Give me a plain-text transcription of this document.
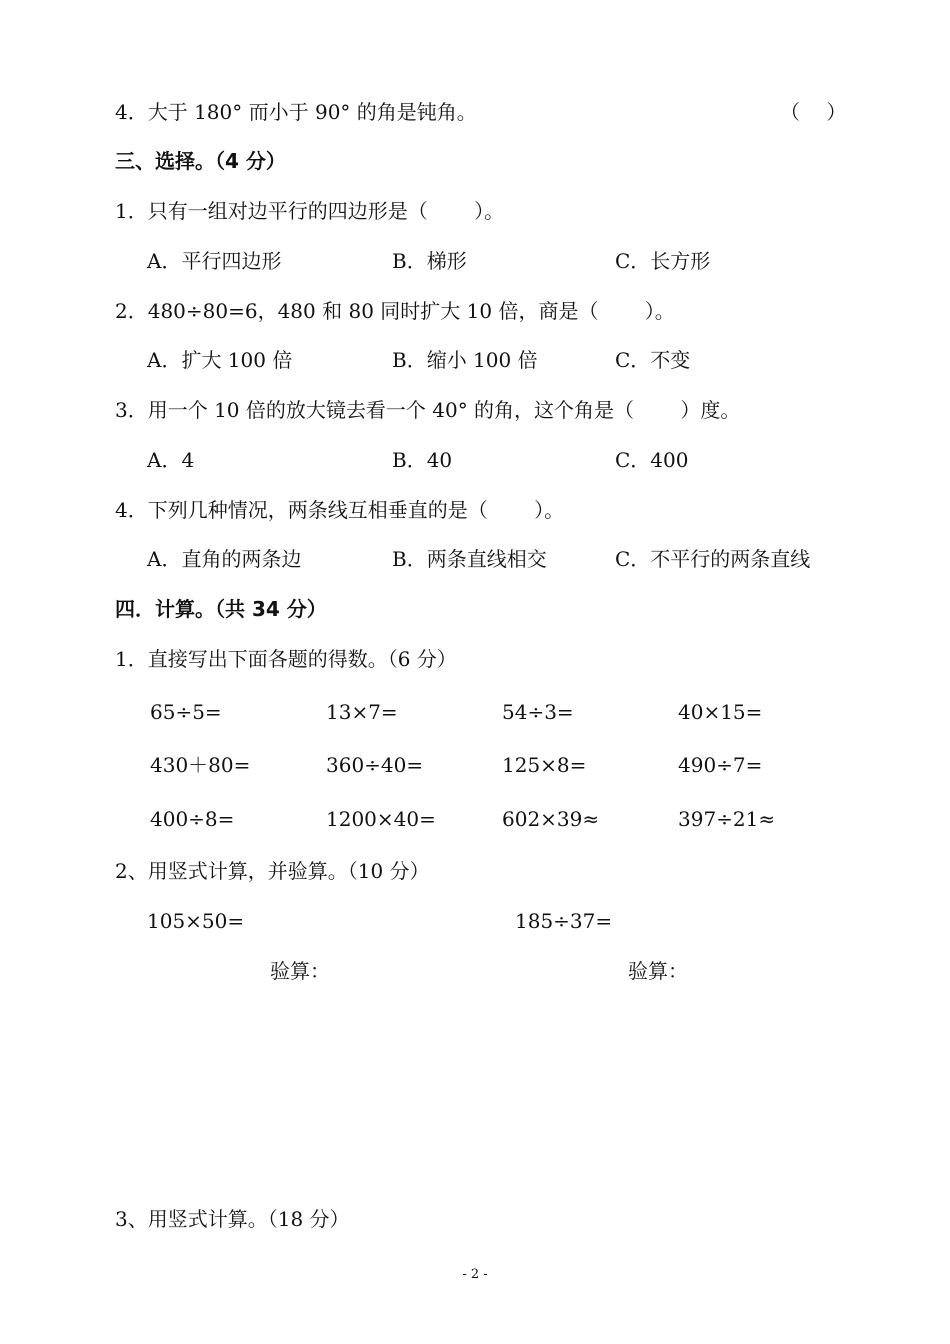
4．大于 180° 而小于 90° 的角是钝角。	（　 ）
三、选择。（4 分）
1．只有一组对边平行的四边形是（　　 ）。
A．平行四边形	B．梯形	C．长方形
2．480÷80=6，480 和 80 同时扩大 10 倍，商是（　　 ）。
A．扩大 100 倍	B．缩小 100 倍	C．不变
3．用一个 10 倍的放大镜去看一个 40° 的角，这个角是（　　 ）度。
A．4	B．40	C．400
4．下列几种情况，两条线互相垂直的是（　　 ）。
A．直角的两条边	B．两条直线相交	C．不平行的两条直线
四．计算。（共 34 分）
1．直接写出下面各题的得数。（6 分）
65÷5=	13×7=	54÷3=	40×15=
430＋80=	360÷40=	125×8=	490÷7=
400÷8=	1200×40=	602×39≈	397÷21≈
2、用竖式计算，并验算。（10 分）
105×50=	185÷37=
验算：	验算：
3、用竖式计算。（18 分）
- 2 -
